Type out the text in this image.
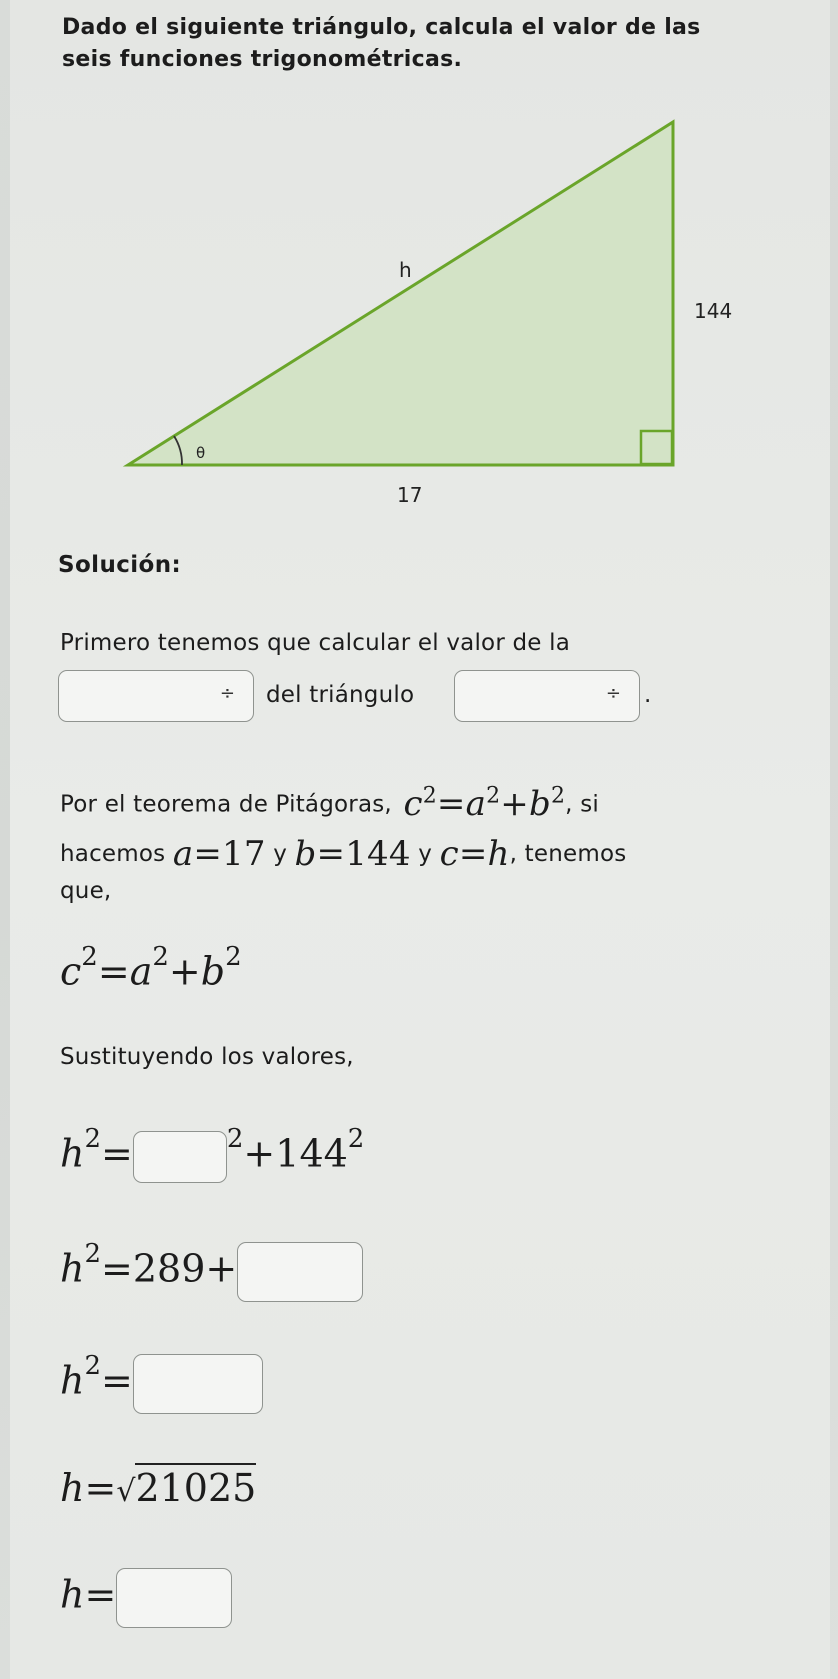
Dado el siguiente triángulo, calcula el valor de las
seis funciones trigonométricas.
θ
h
144
17
Solución:
Primero tenemos que calcular el valor de la
÷ del triángulo	÷ .
Por el teorema de Pitágoras, $c^2=a^2+b^2$, si
hacemos a=17 y b=144 y c=h, tenemos
que,
$c^2=a^2+b^2$
Sustituyendo los valores,
$h^2=$	$^2+144^2$
$h^2=289+$
$h^2=$
h=√21025
h=
